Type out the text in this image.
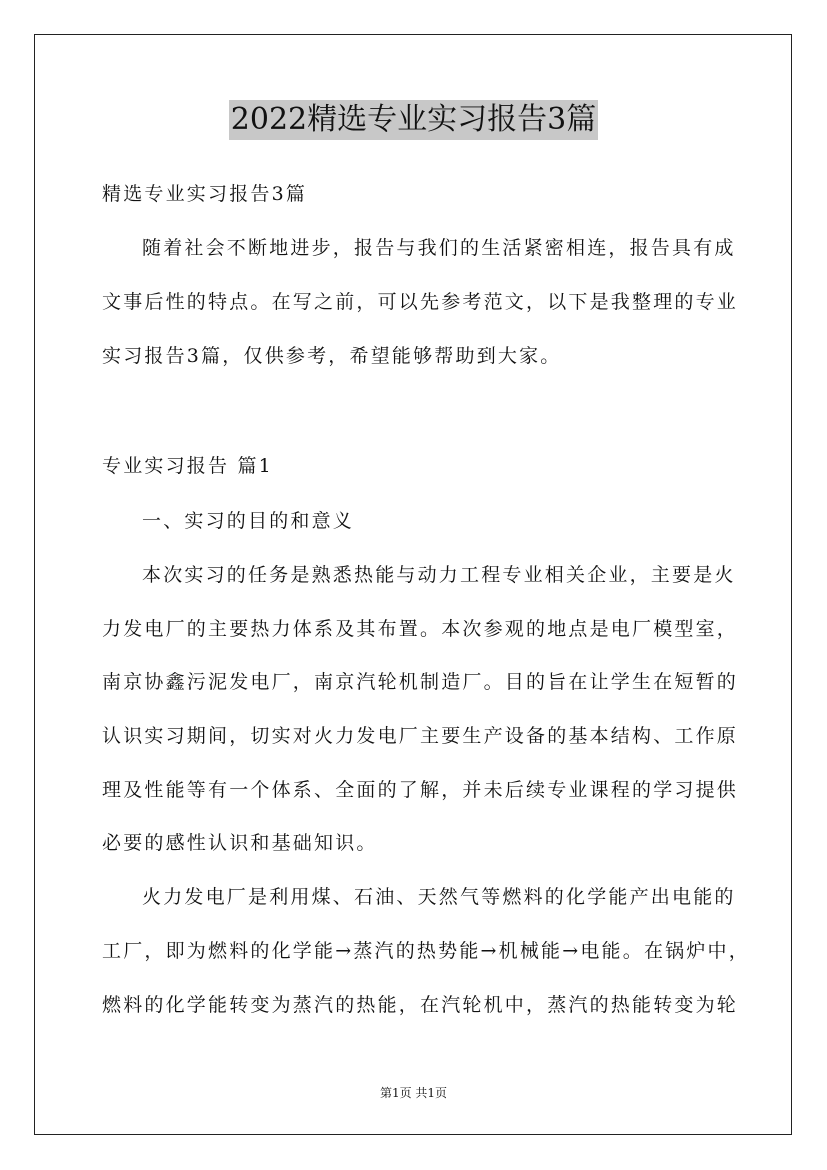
2022精选专业实习报告3篇
精选专业实习报告3篇
随着社会不断地进步，报告与我们的生活紧密相连，报告具有成
文事后性的特点。在写之前，可以先参考范文，以下是我整理的专业
实习报告3篇，仅供参考，希望能够帮助到大家。
专业实习报告 篇1
一、实习的目的和意义
本次实习的任务是熟悉热能与动力工程专业相关企业，主要是火
力发电厂的主要热力体系及其布置。本次参观的地点是电厂模型室，
南京协鑫污泥发电厂，南京汽轮机制造厂。目的旨在让学生在短暂的
认识实习期间，切实对火力发电厂主要生产设备的基本结构、工作原
理及性能等有一个体系、全面的了解，并未后续专业课程的学习提供
必要的感性认识和基础知识。
火力发电厂是利用煤、石油、天然气等燃料的化学能产出电能的
工厂，即为燃料的化学能→蒸汽的热势能→机械能→电能。在锅炉中，
燃料的化学能转变为蒸汽的热能，在汽轮机中，蒸汽的热能转变为轮
第1页 共1页
